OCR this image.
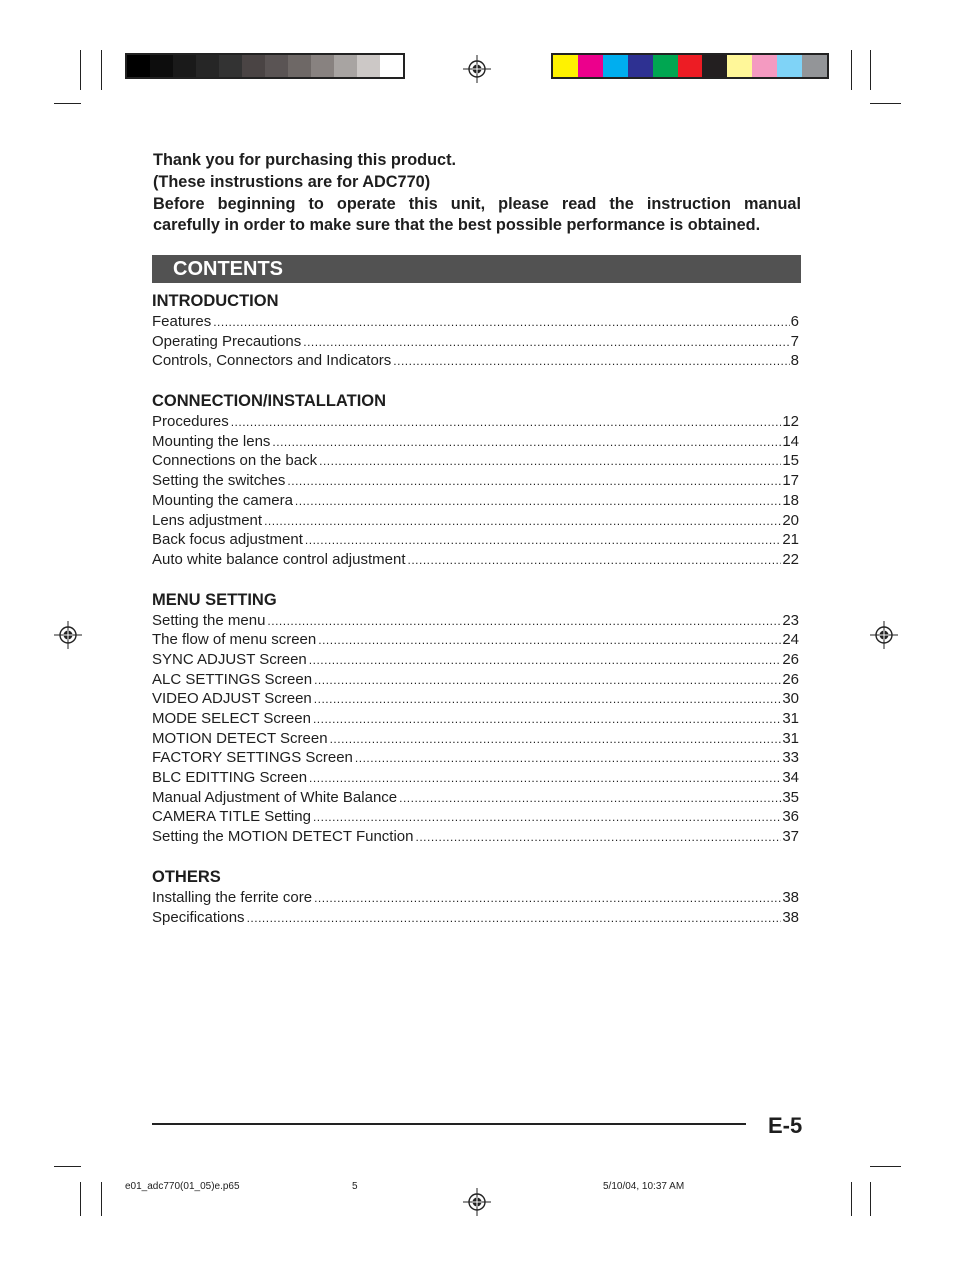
Thank you for purchasing this product.
(These instrustions are for ADC770)
Before beginning to operate this unit, please read the instruction manual
carefully in order to make sure that the best possible performance is obtained.
CONTENTS
INTRODUCTION
Features .....	6
Operating Precautions .....	7
Controls, Connectors and Indicators .....	8
CONNECTION/INSTALLATION
Procedures .....	12
Mounting the lens .....	14
Connections on the back .....	15
Setting the switches .....	17
Mounting the camera .....	18
Lens adjustment .....	20
Back focus adjustment .....	21
Auto white balance control adjustment .....	22
MENU SETTING
Setting the menu .....	23
The flow of menu screen .....	24
SYNC ADJUST Screen .....	26
ALC SETTINGS Screen .....	26
VIDEO ADJUST Screen .....	30
MODE SELECT Screen .....	31
MOTION DETECT Screen .....	31
FACTORY SETTINGS Screen .....	33
BLC EDITTING Screen .....	34
Manual Adjustment of White Balance .....	35
CAMERA TITLE Setting .....	36
Setting the MOTION DETECT Function .....	37
OTHERS
Installing the ferrite core .....	38
Specifications .....	38
E-5
e01_adc770(01_05)e.p65	5	5/10/04, 10:37 AM
